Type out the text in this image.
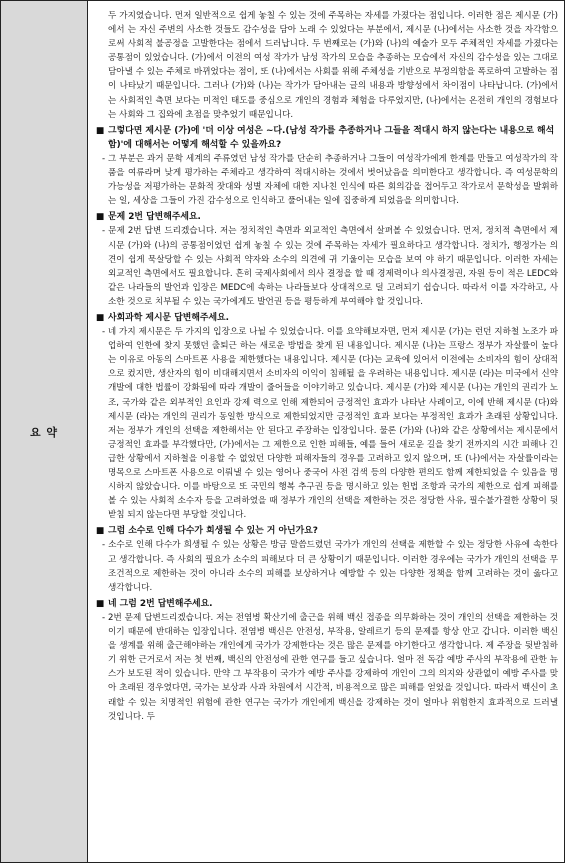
요 약

두 가지였습니다. 먼저 일반적으로 쉽게 놓칠 수 있는 것에 주목하는 자세를 가졌다는 점입니다. 이러한 점은 제시문 (가)에서 는 자신 주변의 사소한 것들도 감수성을 담아 노래 수 있었다는 부분에서, 제시문 (나)에서는 사소한 것을 자각함으로써 사회적 불공정을 고발한다는 점에서 드러납니다. 두 번째로는 (가)와 (나)의 예술가 모두 주체적인 자세를 가졌다는 공통점이 있었습니다. (가)에서 이전의 여성 작가가 남성 작가의 모습을 추종하는 모습에서 자신의 감수성을 있는 그대로 담아낼 수 있는 주체로 바뀌었다는 점이, 또 (나)에서는 사회를 위해 주체성을 기반으로 부정의함을 폭로하여 고발하는 점이 나타났기 때문입니다. 그러나 (가)와 (나)는 작가가 담아내는 글의 내용과 방향성에서 차이점이 나타납니다. (가)에서는 사회적인 측면 보다는 미적인 태도를 중심으로 개인의 경험과 체험을 다루었지만, (나)에서는 온전히 개인의 경험보다는 사회와 그 집와에 초점을 맞추었기 때문입니다.

■ 그렇다면 제시문 (가)에 '더 이상 여성은 ~다.(남성 작가를 추종하거나 그들을 적대시 하지 않는다는 내용으로 해석함)'에 대해서는 어떻게 해석할 수 있을까요?

- 그 부분은 과거 문학 세계의 주류였던 남성 작가를 단순히 추종하거나 그들이 여성작가에게 한계를 만들고 여성작가의 작품을 여류라며 낮게 평가하는 주체라고 생각하여 적대시하는 것에서 벗어났음을 의미한다고 생각합니다. 즉 여성문학의 가능성을 저평가하는 문화적 잣대와 성별 자체에 대한 지나친 인식에 따른 회의감을 접어두고 작가로서 문학성을 발휘하는 일, 세상을 그들이 가진 감수성으로 인식하고 풀어내는 일에 집중하게 되었음을 의미합니다.

■ 문제 2번 답변해주세요.

- 문제 2번 답변 드리겠습니다. 저는 정치적인 측면과 외교적인 측면에서 살펴볼 수 있었습니다. 먼저, 정치적 측면에서 제시문 (가)와 (나)의 공통점이었던 쉽게 놓칠 수 있는 것에 주목하는 자세가 필요하다고 생각합니다. 정치가, 행정가는 의견이 쉽게 묵살당할 수 있는 사회적 약자와 소수의 의견에 귀 기울이는 모습을 보여 야 하기 때문입니다. 이러한 자세는 외교적인 측면에서도 필요합니다. 흔히 국제사회에서 의사 결정을 할 때 경제력이나 의사결정권, 자원 등이 적은 LEDC와 같은 나라들의 발언과 입장은 MEDC에 속하는 나라들보다 상대적으로 덜 고려되기 쉽습니다. 따라서 이를 자각하고, 사소한 것으로 치부될 수 있는 국가에게도 발언권 등을 평등하게 부여해야 할 것입니다.

■ 사회과학 제시문 답변해주세요.

- 네 가지 제시문은 두 가지의 입장으로 나뉠 수 있었습니다. 이를 요약해보자면, 먼저 제시문 (가)는 런던 지하철 노조가 파업하여 인한에 찾지 못했던 출퇴근 하는 새로운 방법을 찾게 된 내용입니다. 제시문 (나)는 프랑스 정부가 자살률이 높다는 이유로 아동의 스마트폰 사용을 제한했다는 내용입니다. 제시문 (다)는 교육에 있어서 이전에는 소비자의 힘이 상대적으로 컸지만, 생산자의 힘이 비대해지면서 소비자의 이익이 침해될 을 우려하는 내용입니다. 제시문 (라)는 미국에서 신약 개발에 대한 법률이 강화됨에 따라 개발이 줄어들을 이야기하고 있습니다. 제시문 (가)와 제시문 (나)는 개인의 권리가 노조, 국가와 같은 외부적인 요인과 강제 력으로 인해 제한되어 긍정적인 효과가 나타난 사례이고, 이에 반해 제시문 (다)와 제시문 (라)는 개인의 권리가 동일한 방식으로 제한되었지만 긍정적인 효과 보다는 부정적인 효과가 초래된 상황입니다. 저는 정부가 개인의 선택을 제한해서는 안 된다고 주장하는 입장입니다. 물론 (가)와 (나)와 같은 상황에서는 제시문에서 긍정적인 효과를 부각했다만, (가)에서는 그 제한으로 인한 피해들, 예를 들어 새로운 길을 찾기 전까지의 시간 피해나 긴급한 상황에서 지하철을 이용할 수 없었던 다양한 피해자들의 경우를 고려하고 있지 않으며, 또 (나)에서는 자살률이라는 명목으로 스마트폰 사용으로 이뤄낼 수 있는 영어나 중국어 사전 검색 등의 다양한 편의도 함께 제한되었을 수 있음을 명시하지 않았습니다. 이를 바탕으로 또 국민의 행복 추구권 등을 명시하고 있는 헌법 조항과 국가의 제한으로 쉽게 피해를 볼 수 있는 사회적 소수자 등을 고려하였을 때 정부가 개인의 선택을 제한하는 것은 정당한 사유, 필수불가결한 상황이 뒷받침 되지 않는다면 부당할 것입니다.

■ 그럼 소수로 인해 다수가 희생될 수 있는 거 아닌가요?

- 소수로 인해 다수가 희생될 수 있는 상황은 방금 말씀드렸던 국가가 개인의 선택을 제한할 수 있는 정당한 사유에 속한다고 생각합니다. 즉 사회의 필요가 소수의 피해보다 더 큰 상황이기 때문입니다. 이러한 경우에는 국가가 개인의 선택을 무조건적으로 제한하는 것이 아니라 소수의 피해를 보상하거나 예방할 수 있는 다양한 정책을 함께 고려하는 것이 옳다고 생각합니다.

■ 네 그럼 2번 답변해주세요.

- 2번 문제 답변드리겠습니다. 저는 전염병 확산기에 출근을 위해 백신 접종을 의무화하는 것이 개인의 선택을 제한하는 것이기 때문에 반대하는 입장입니다. 전염병 백신은 안전성, 부작용, 알레르기 등의 문제를 항상 안고 갑니다. 이러한 백신을 생계를 위해 출근해야하는 개인에게 국가가 강제한다는 것은 많은 문제를 야기한다고 생각합니다. 제 주장을 뒷받침하기 위한 근거로서 저는 첫 번째, 백신의 안전성에 관한 연구를 들고 싶습니다. 얼마 전 독감 예방 주사의 부작용에 관한 뉴스가 보도된 적이 있습니다. 만약 그 부작용이 국가가 예방 주사를 강제하여 개인이 그의 의지와 상관없이 예방 주사를 맞아 초래된 경우였다면, 국가는 보상과 사과 차원에서 시간적, 비용적으로 많은 피해를 얻었을 것입니다. 따라서 백신이 초래할 수 있는 치명적인 위험에 관한 연구는 국가가 개인에게 백신을 강제하는 것이 얼마나 위험한지 효과적으로 드러낼 것입니다. 두
